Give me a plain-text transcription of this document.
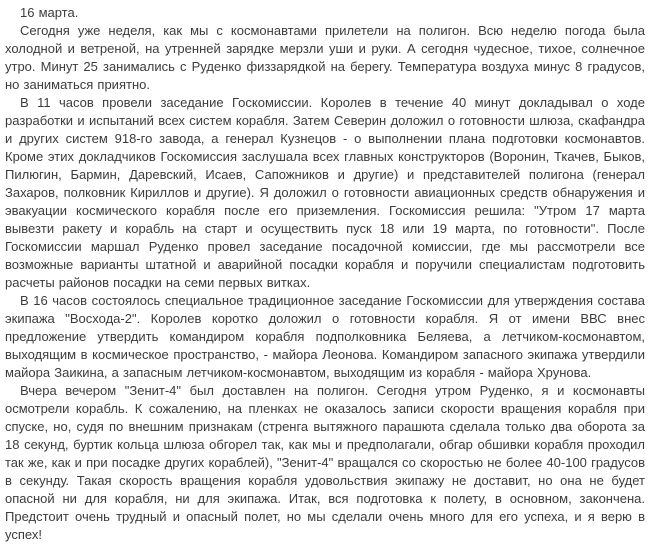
16 марта.

Сегодня уже неделя, как мы с космонавтами прилетели на полигон. Всю неделю погода была холодной и ветреной, на утренней зарядке мерзли уши и руки. А сегодня чудесное, тихое, солнечное утро. Минут 25 занимались с Руденко физзарядкой на берегу. Температура воздуха минус 8 градусов, но заниматься приятно.

В 11 часов провели заседание Госкомиссии. Королев в течение 40 минут докладывал о ходе разработки и испытаний всех систем корабля. Затем Северин доложил о готовности шлюза, скафандра и других систем 918-го завода, а генерал Кузнецов - о выполнении плана подготовки космонавтов. Кроме этих докладчиков Госкомиссия заслушала всех главных конструкторов (Воронин, Ткачев, Быков, Пилюгин, Бармин, Даревский, Исаев, Сапожников и другие) и представителей полигона (генерал Захаров, полковник Кириллов и другие). Я доложил о готовности авиационных средств обнаружения и эвакуации космического корабля после его приземления. Госкомиссия решила: "Утром 17 марта вывезти ракету и корабль на старт и осуществить пуск 18 или 19 марта, по готовности". После Госкомиссии маршал Руденко провел заседание посадочной комиссии, где мы рассмотрели все возможные варианты штатной и аварийной посадки корабля и поручили специалистам подготовить расчеты районов посадки на семи первых витках.

В 16 часов состоялось специальное традиционное заседание Госкомиссии для утверждения состава экипажа "Восхода-2". Королев коротко доложил о готовности корабля. Я от имени ВВС внес предложение утвердить командиром корабля подполковника Беляева, а летчиком-космонавтом, выходящим в космическое пространство, - майора Леонова. Командиром запасного экипажа утвердили майора Заикина, а запасным летчиком-космонавтом, выходящим из корабля - майора Хрунова.

Вчера вечером "Зенит-4" был доставлен на полигон. Сегодня утром Руденко, я и космонавты осмотрели корабль. К сожалению, на пленках не оказалось записи скорости вращения корабля при спуске, но, судя по внешним признакам (стренга вытяжного парашюта сделала только два оборота за 18 секунд, буртик кольца шлюза обгорел так, как мы и предполагали, обгар обшивки корабля проходил так же, как и при посадке других кораблей), "Зенит-4" вращался со скоростью не более 40-100 градусов в секунду. Такая скорость вращения корабля удовольствия экипажу не доставит, но она не будет опасной ни для корабля, ни для экипажа. Итак, вся подготовка к полету, в основном, закончена. Предстоит очень трудный и опасный полет, но мы сделали очень много для его успеха, и я верю в успех!
